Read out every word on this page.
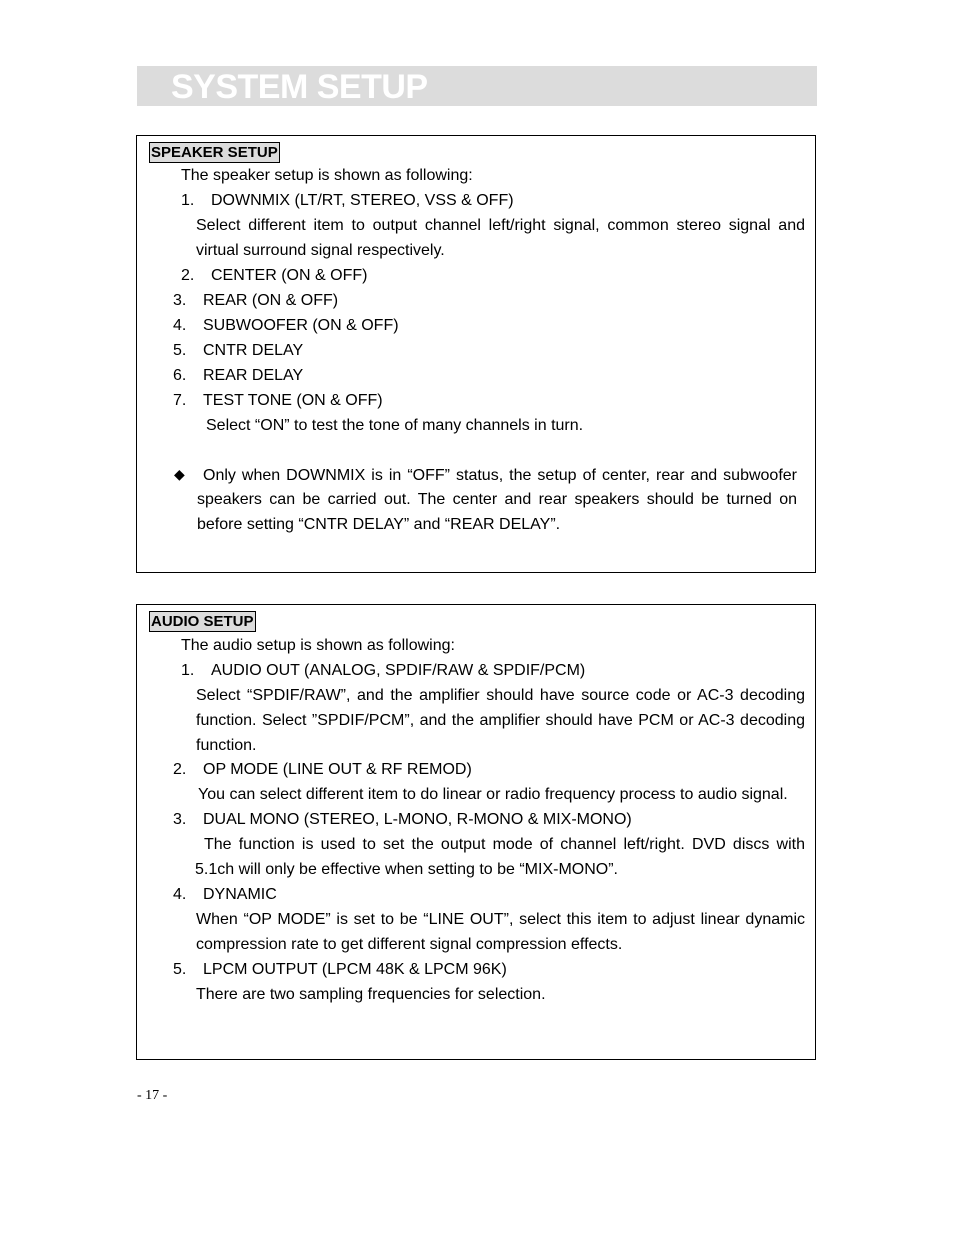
SYSTEM SETUP
SPEAKER SETUP
The speaker setup is shown as following:
1. DOWNMIX (LT/RT, STEREO, VSS & OFF)
Select different item to output channel left/right signal, common stereo signal and
virtual surround signal respectively.
2. CENTER (ON & OFF)
3. REAR (ON & OFF)
4. SUBWOOFER (ON & OFF)
5. CNTR DELAY
6. REAR DELAY
7. TEST TONE (ON & OFF)
Select “ON” to test the tone of many channels in turn.
◆ Only when DOWNMIX is in “OFF” status, the setup of center, rear and subwoofer
speakers can be carried out. The center and rear speakers should be turned on
before setting “CNTR DELAY” and “REAR DELAY”.
AUDIO SETUP
The audio setup is shown as following:
1. AUDIO OUT (ANALOG, SPDIF/RAW & SPDIF/PCM)
Select “SPDIF/RAW”, and the amplifier should have source code or AC-3 decoding
function. Select ”SPDIF/PCM”, and the amplifier should have PCM or AC-3 decoding
function.
2. OP MODE (LINE OUT & RF REMOD)
You can select different item to do linear or radio frequency process to audio signal.
3. DUAL MONO (STEREO, L-MONO, R-MONO & MIX-MONO)
The function is used to set the output mode of channel left/right. DVD discs with
5.1ch will only be effective when setting to be “MIX-MONO”.
4. DYNAMIC
When “OP MODE” is set to be “LINE OUT”, select this item to adjust linear dynamic
compression rate to get different signal compression effects.
5. LPCM OUTPUT (LPCM 48K & LPCM 96K)
There are two sampling frequencies for selection.
- 17 -
